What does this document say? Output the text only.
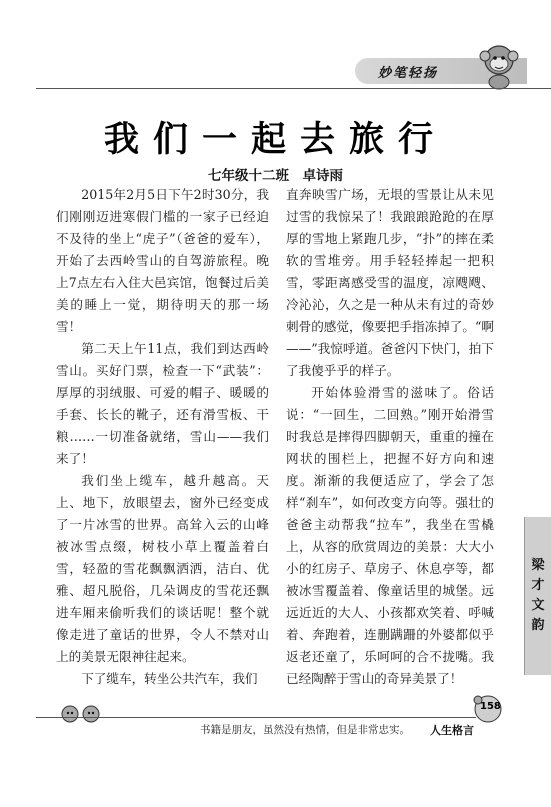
妙笔轻扬
我们一起去旅行
七年级十二班　卓诗雨

2015年2月5日下午2时30分，我们刚刚迈进寒假门槛的一家子已经迫不及待的坐上“虎子”（爸爸的爱车），开始了去西岭雪山的自驾游旅程。晚上7点左右入住大邑宾馆，饱餐过后美美的睡上一觉，期待明天的那一场雪！

第二天上午11点，我们到达西岭雪山。买好门票，检查一下“武装”：厚厚的羽绒服、可爱的帽子、暖暖的手套、长长的靴子，还有滑雪板、干粮……一切准备就绪，雪山——我们来了！

我们坐上缆车，越升越高。天上、地下，放眼望去，窗外已经变成了一片冰雪的世界。高耸入云的山峰被冰雪点缀，树枝小草上覆盖着白雪，轻盈的雪花飘飘洒洒，洁白、优雅、超凡脱俗，几朵调皮的雪花还飘进车厢来偷听我们的谈话呢！整个就像走进了童话的世界，令人不禁对山上的美景无限神往起来。

下了缆车，转坐公共汽车，我们

直奔映雪广场，无垠的雪景让从未见过雪的我惊呆了！我踉踉跄跄的在厚厚的雪地上紧跑几步，“扑”的摔在柔软的雪堆旁。用手轻轻捧起一把积雪，零距离感受雪的温度，凉飕飕、冷沁沁，久之是一种从未有过的奇妙刺骨的感觉，像要把手指冻掉了。“啊——”我惊呼道。爸爸闪下快门，拍下了我傻乎乎的样子。

开始体验滑雪的滋味了。俗话说：“一回生，二回熟。”刚开始滑雪时我总是摔得四脚朝天，重重的撞在网状的围栏上，把握不好方向和速度。渐渐的我便适应了，学会了怎样“刹车”，如何改变方向等。强壮的爸爸主动帮我“拉车”，我坐在雪橇上，从容的欣赏周边的美景：大大小小的红房子、草房子、休息亭等，都被冰雪覆盖着、像童话里的城堡。远远近近的大人、小孩都欢笑着、呼喊着、奔跑着，连删蹒跚的外婆都似乎返老还童了，乐呵呵的合不拢嘴。我已经陶醉于雪山的奇异美景了！

梁才文韵
158
书籍是朋友，虽然没有热情，但是非常忠实。 人生格言
